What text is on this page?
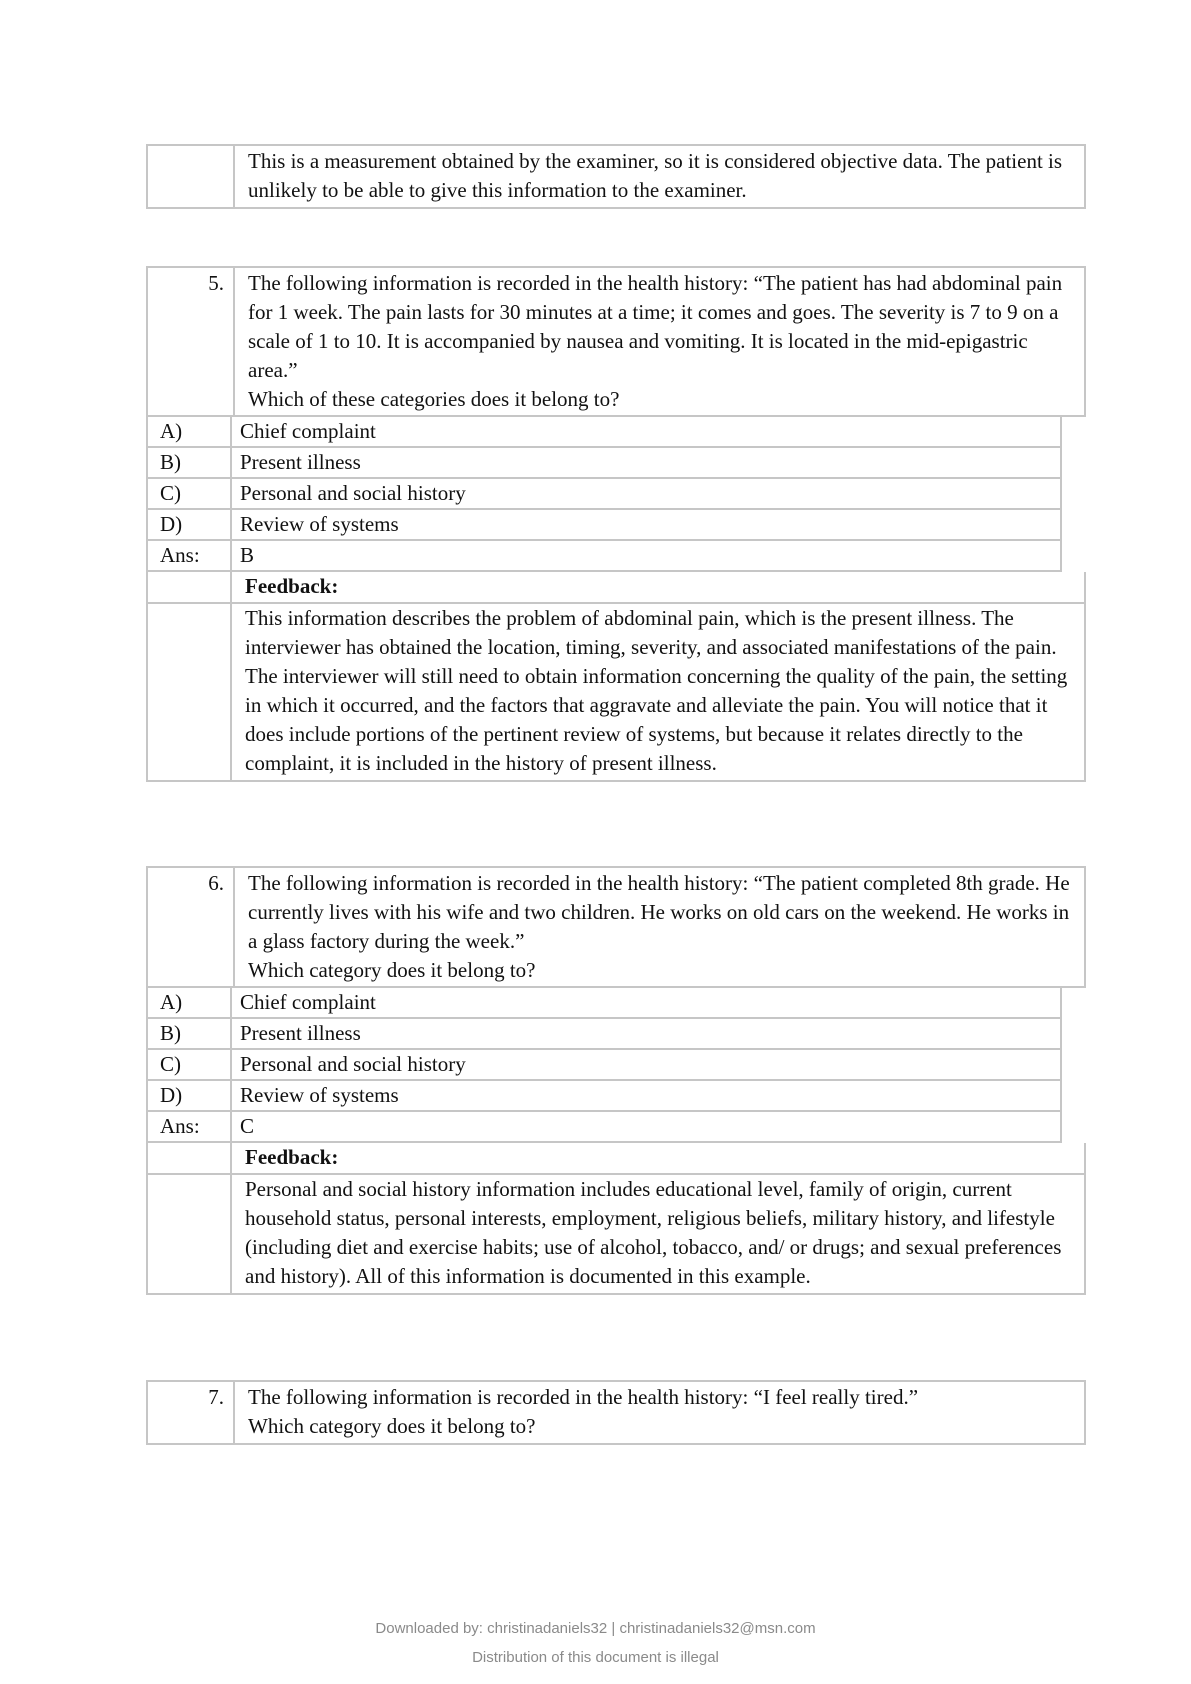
This is a measurement obtained by the examiner, so it is considered objective data. The patient is unlikely to be able to give this information to the examiner.
5.	The following information is recorded in the health history: “The patient has had abdominal pain for 1 week. The pain lasts for 30 minutes at a time; it comes and goes. The severity is 7 to 9 on a scale of 1 to 10. It is accompanied by nausea and vomiting. It is located in the mid-epigastric area.”
Which of these categories does it belong to?
A)	Chief complaint
B)	Present illness
C)	Personal and social history
D)	Review of systems
Ans:	B
Feedback:
This information describes the problem of abdominal pain, which is the present illness. The interviewer has obtained the location, timing, severity, and associated manifestations of the pain. The interviewer will still need to obtain information concerning the quality of the pain, the setting in which it occurred, and the factors that aggravate and alleviate the pain. You will notice that it does include portions of the pertinent review of systems, but because it relates directly to the complaint, it is included in the history of present illness.
6.	The following information is recorded in the health history: “The patient completed 8th grade. He currently lives with his wife and two children. He works on old cars on the weekend. He works in a glass factory during the week.”
Which category does it belong to?
A)	Chief complaint
B)	Present illness
C)	Personal and social history
D)	Review of systems
Ans:	C
Feedback:
Personal and social history information includes educational level, family of origin, current household status, personal interests, employment, religious beliefs, military history, and lifestyle (including diet and exercise habits; use of alcohol, tobacco, and/ or drugs; and sexual preferences and history). All of this information is documented in this example.
7.	The following information is recorded in the health history: “I feel really tired.”
Which category does it belong to?
Downloaded by: christinadaniels32 | christinadaniels32@msn.com
Distribution of this document is illegal
